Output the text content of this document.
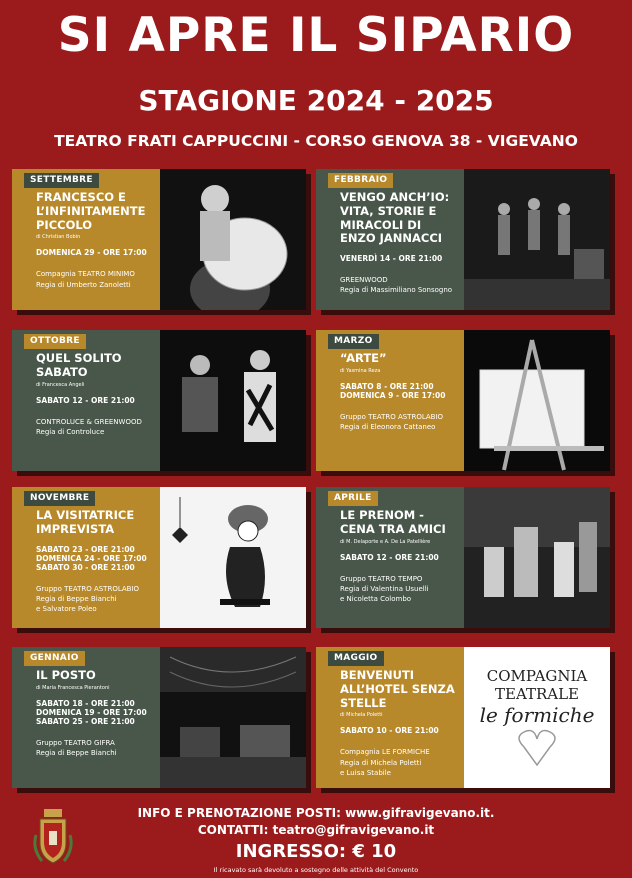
SI APRE IL SIPARIO
STAGIONE 2024 - 2025
TEATRO FRATI CAPPUCCINI - CORSO GENOVA 38 - VIGEVANO
SETTEMBRE
FRANCESCO E L’INFINITAMENTE PICCOLO
di Christian Bobin
DOMENICA 29 - ORE 17:00
Compagnia TEATRO MINIMO
Regia di Umberto Zanoletti
FEBBRAIO
VENGO ANCH’IO: VITA, STORIE E MIRACOLI DI ENZO JANNACCI
VENERDÌ 14 - ORE 21:00
GREENWOOD
Regia di Massimiliano Sonsogno
OTTOBRE
QUEL SOLITO SABATO
di Francesca Angeli
SABATO 12 - ORE 21:00
CONTROLUCE & GREENWOOD
Regia di Controluce
MARZO
“ARTE”
di Yasmina Reza
SABATO 8 - ORE 21:00
DOMENICA 9 - ORE 17:00
Gruppo TEATRO ASTROLABIO
Regia di Eleonora Cattaneo
NOVEMBRE
LA VISITATRICE IMPREVISTA
SABATO 23 - ORE 21:00
DOMENICA 24 - ORE 17:00
SABATO 30 - ORE 21:00
Gruppo TEATRO ASTROLABIO
Regia di Beppe Bianchi
e Salvatore Poleo
APRILE
LE PRENOM - CENA TRA AMICI
di M. Delaporte e A. De La Patellière
SABATO 12 - ORE 21:00
Gruppo TEATRO TEMPO
Regia di Valentina Usuelli
e Nicoletta Colombo
GENNAIO
IL POSTO
di Maria Francesca Pierantoni
SABATO 18 - ORE 21:00
DOMENICA 19 - ORE 17:00
SABATO 25 - ORE 21:00
Gruppo TEATRO GIFRA
Regia di Beppe Bianchi
MAGGIO
BENVENUTI ALL’HOTEL SENZA STELLE
di Michela Poletti
SABATO 10 - ORE 21:00
Compagnia LE FORMICHE
Regia di Michela Poletti
e Luisa Stabile
COMPAGNIA
TEATRALE
le formiche
INFO E PRENOTAZIONE POSTI: www.gifravigevano.it.
CONTATTI: teatro@gifravigevano.it
INGRESSO: € 10
Il ricavato sarà devoluto a sostegno delle attività del Convento
